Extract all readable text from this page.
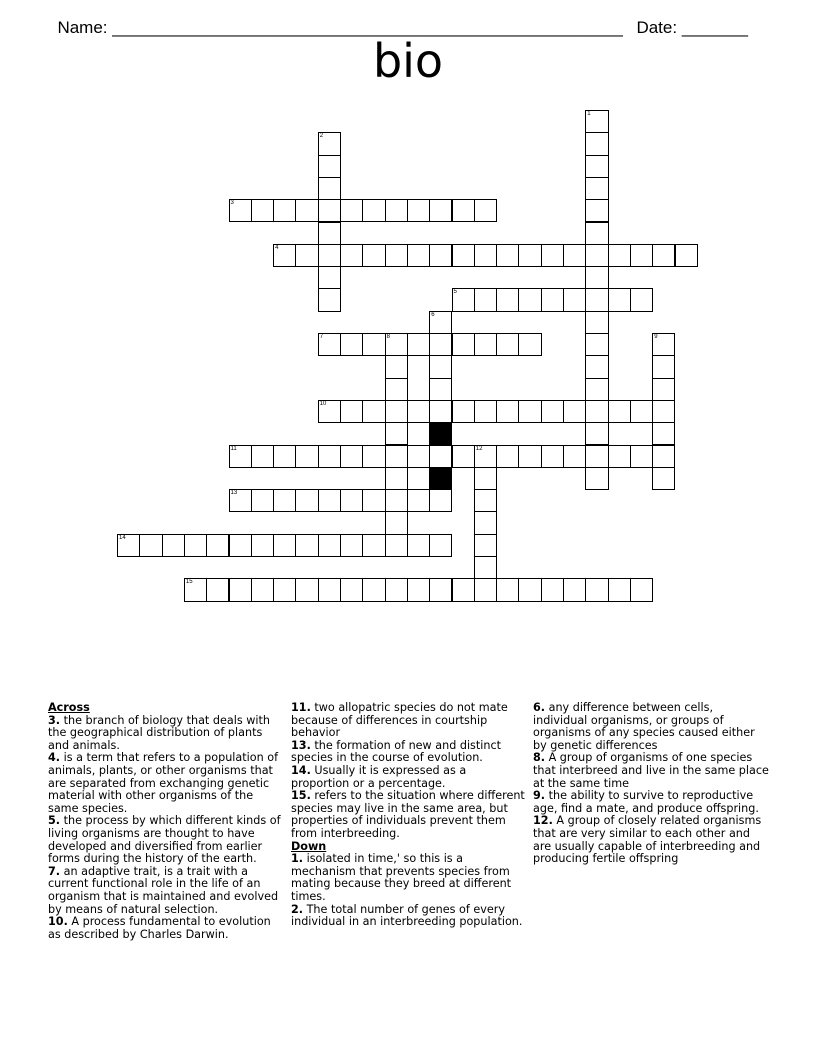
Name: ______________________________________________________ Date: _______

bio
1
2
3
4
5
6
7	8	9
10
11	12
13
14
15
Across
3. the branch of biology that deals with the geographical distribution of plants and animals.
4. is a term that refers to a population of animals, plants, or other organisms that are separated from exchanging genetic material with other organisms of the same species.
5. the process by which different kinds of living organisms are thought to have developed and diversified from earlier forms during the history of the earth.
7. an adaptive trait, is a trait with a current functional role in the life of an organism that is maintained and evolved by means of natural selection.
10. A process fundamental to evolution as described by Charles Darwin.
11. two allopatric species do not mate because of differences in courtship behavior
13. the formation of new and distinct species in the course of evolution.
14. Usually it is expressed as a proportion or a percentage.
15. refers to the situation where different species may live in the same area, but properties of individuals prevent them from interbreeding.
Down
1. isolated in time,' so this is a mechanism that prevents species from mating because they breed at different times.
2. The total number of genes of every individual in an interbreeding population.
6. any difference between cells, individual organisms, or groups of organisms of any species caused either by genetic differences
8. A group of organisms of one species that interbreed and live in the same place at the same time
9. the ability to survive to reproductive age, find a mate, and produce offspring.
12. A group of closely related organisms that are very similar to each other and are usually capable of interbreeding and producing fertile offspring
